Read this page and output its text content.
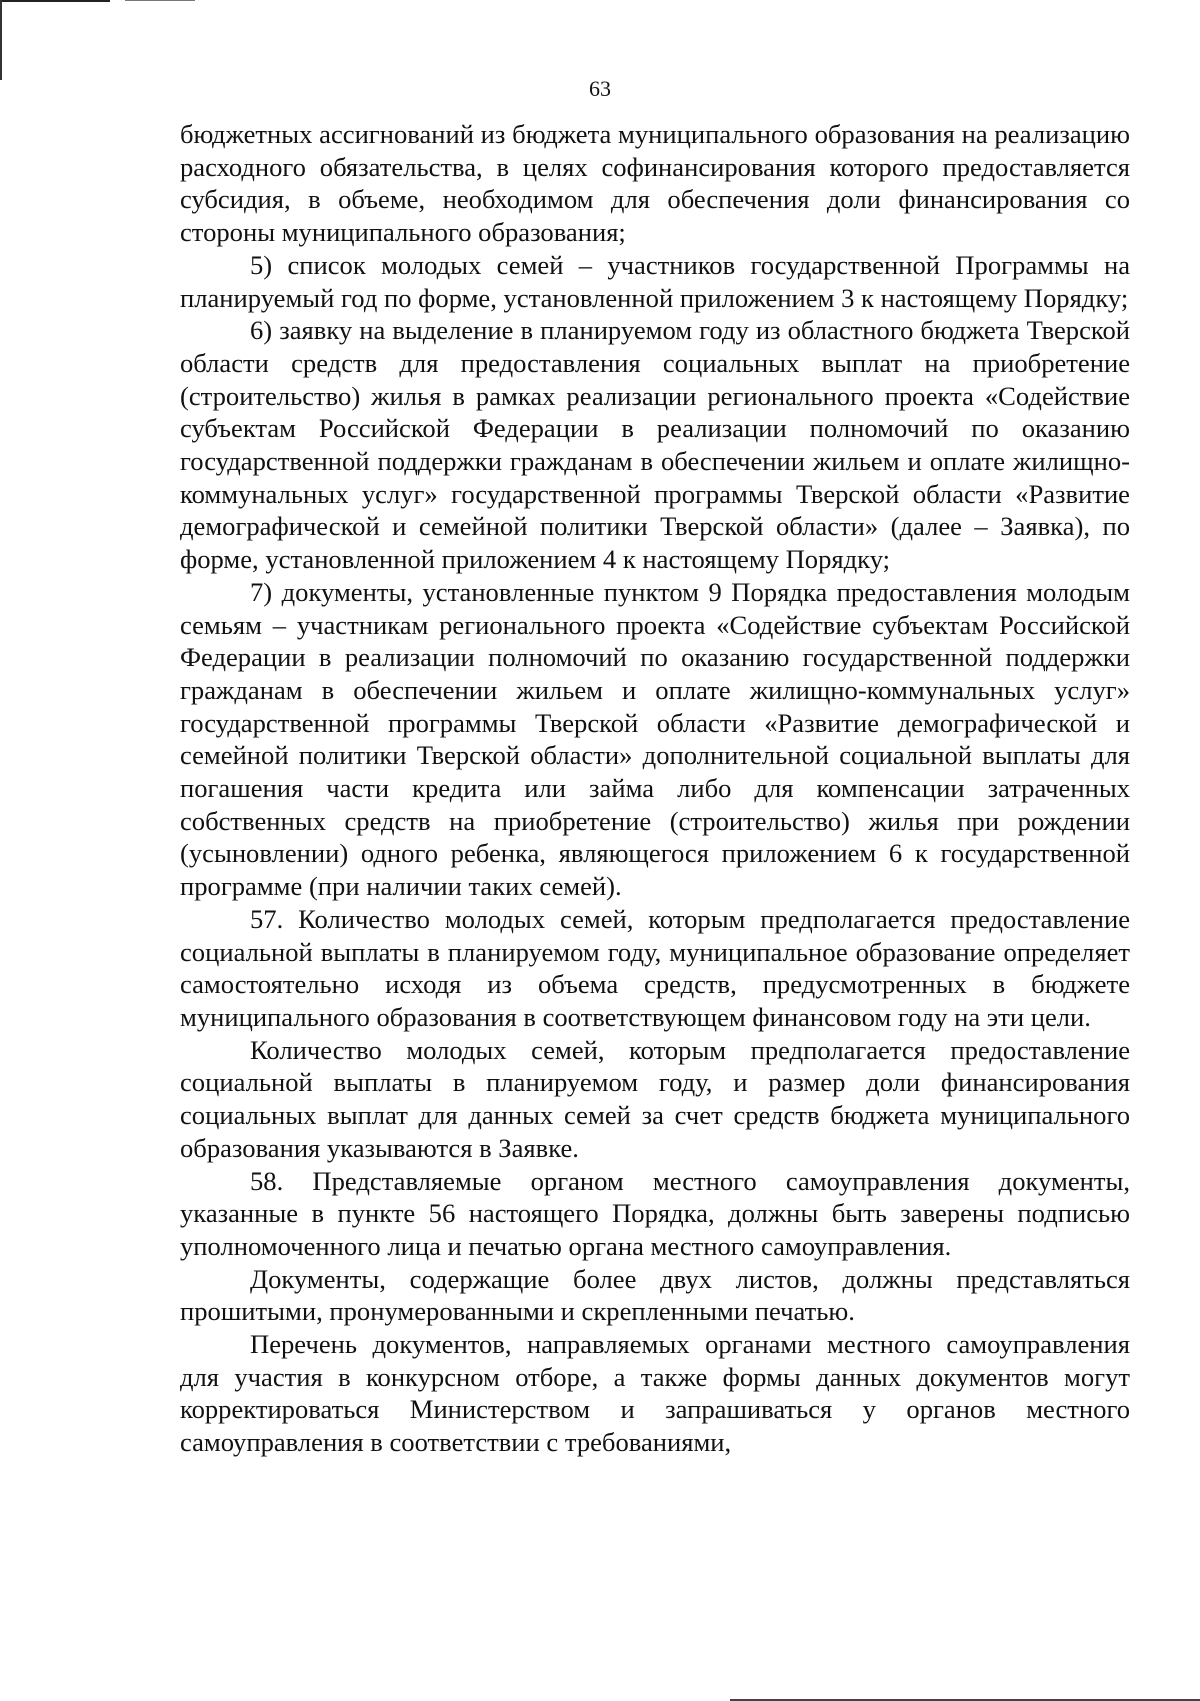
63

бюджетных ассигнований из бюджета муниципального образования на реализацию расходного обязательства, в целях софинансирования которого предоставляется субсидия, в объеме, необходимом для обеспечения доли финансирования со стороны муниципального образования;

5) список молодых семей – участников государственной Программы на планируемый год по форме, установленной приложением 3 к настоящему Порядку;

6) заявку на выделение в планируемом году из областного бюджета Тверской области средств для предоставления социальных выплат на приобретение (строительство) жилья в рамках реализации регионального проекта «Содействие субъектам Российской Федерации в реализации полномочий по оказанию государственной поддержки гражданам в обеспечении жильем и оплате жилищно-коммунальных услуг» государственной программы Тверской области «Развитие демографической и семейной политики Тверской области» (далее – Заявка), по форме, установленной приложением 4 к настоящему Порядку;

7) документы, установленные пунктом 9 Порядка предоставления молодым семьям – участникам регионального проекта «Содействие субъектам Российской Федерации в реализации полномочий по оказанию государственной поддержки гражданам в обеспечении жильем и оплате жилищно-коммунальных услуг» государственной программы Тверской области «Развитие демографической и семейной политики Тверской области» дополнительной социальной выплаты для погашения части кредита или займа либо для компенсации затраченных собственных средств на приобретение (строительство) жилья при рождении (усыновлении) одного ребенка, являющегося приложением 6 к государственной программе (при наличии таких семей).

57. Количество молодых семей, которым предполагается предоставление социальной выплаты в планируемом году, муниципальное образование определяет самостоятельно исходя из объема средств, предусмотренных в бюджете муниципального образования в соответствующем финансовом году на эти цели.

Количество молодых семей, которым предполагается предоставление социальной выплаты в планируемом году, и размер доли финансирования социальных выплат для данных семей за счет средств бюджета муниципального образования указываются в Заявке.

58. Представляемые органом местного самоуправления документы, указанные в пункте 56 настоящего Порядка, должны быть заверены подписью уполномоченного лица и печатью органа местного самоуправления.

Документы, содержащие более двух листов, должны представляться прошитыми, пронумерованными и скрепленными печатью.

Перечень документов, направляемых органами местного самоуправления для участия в конкурсном отборе, а также формы данных документов могут корректироваться Министерством и запрашиваться у органов местного самоуправления в соответствии с требованиями,
